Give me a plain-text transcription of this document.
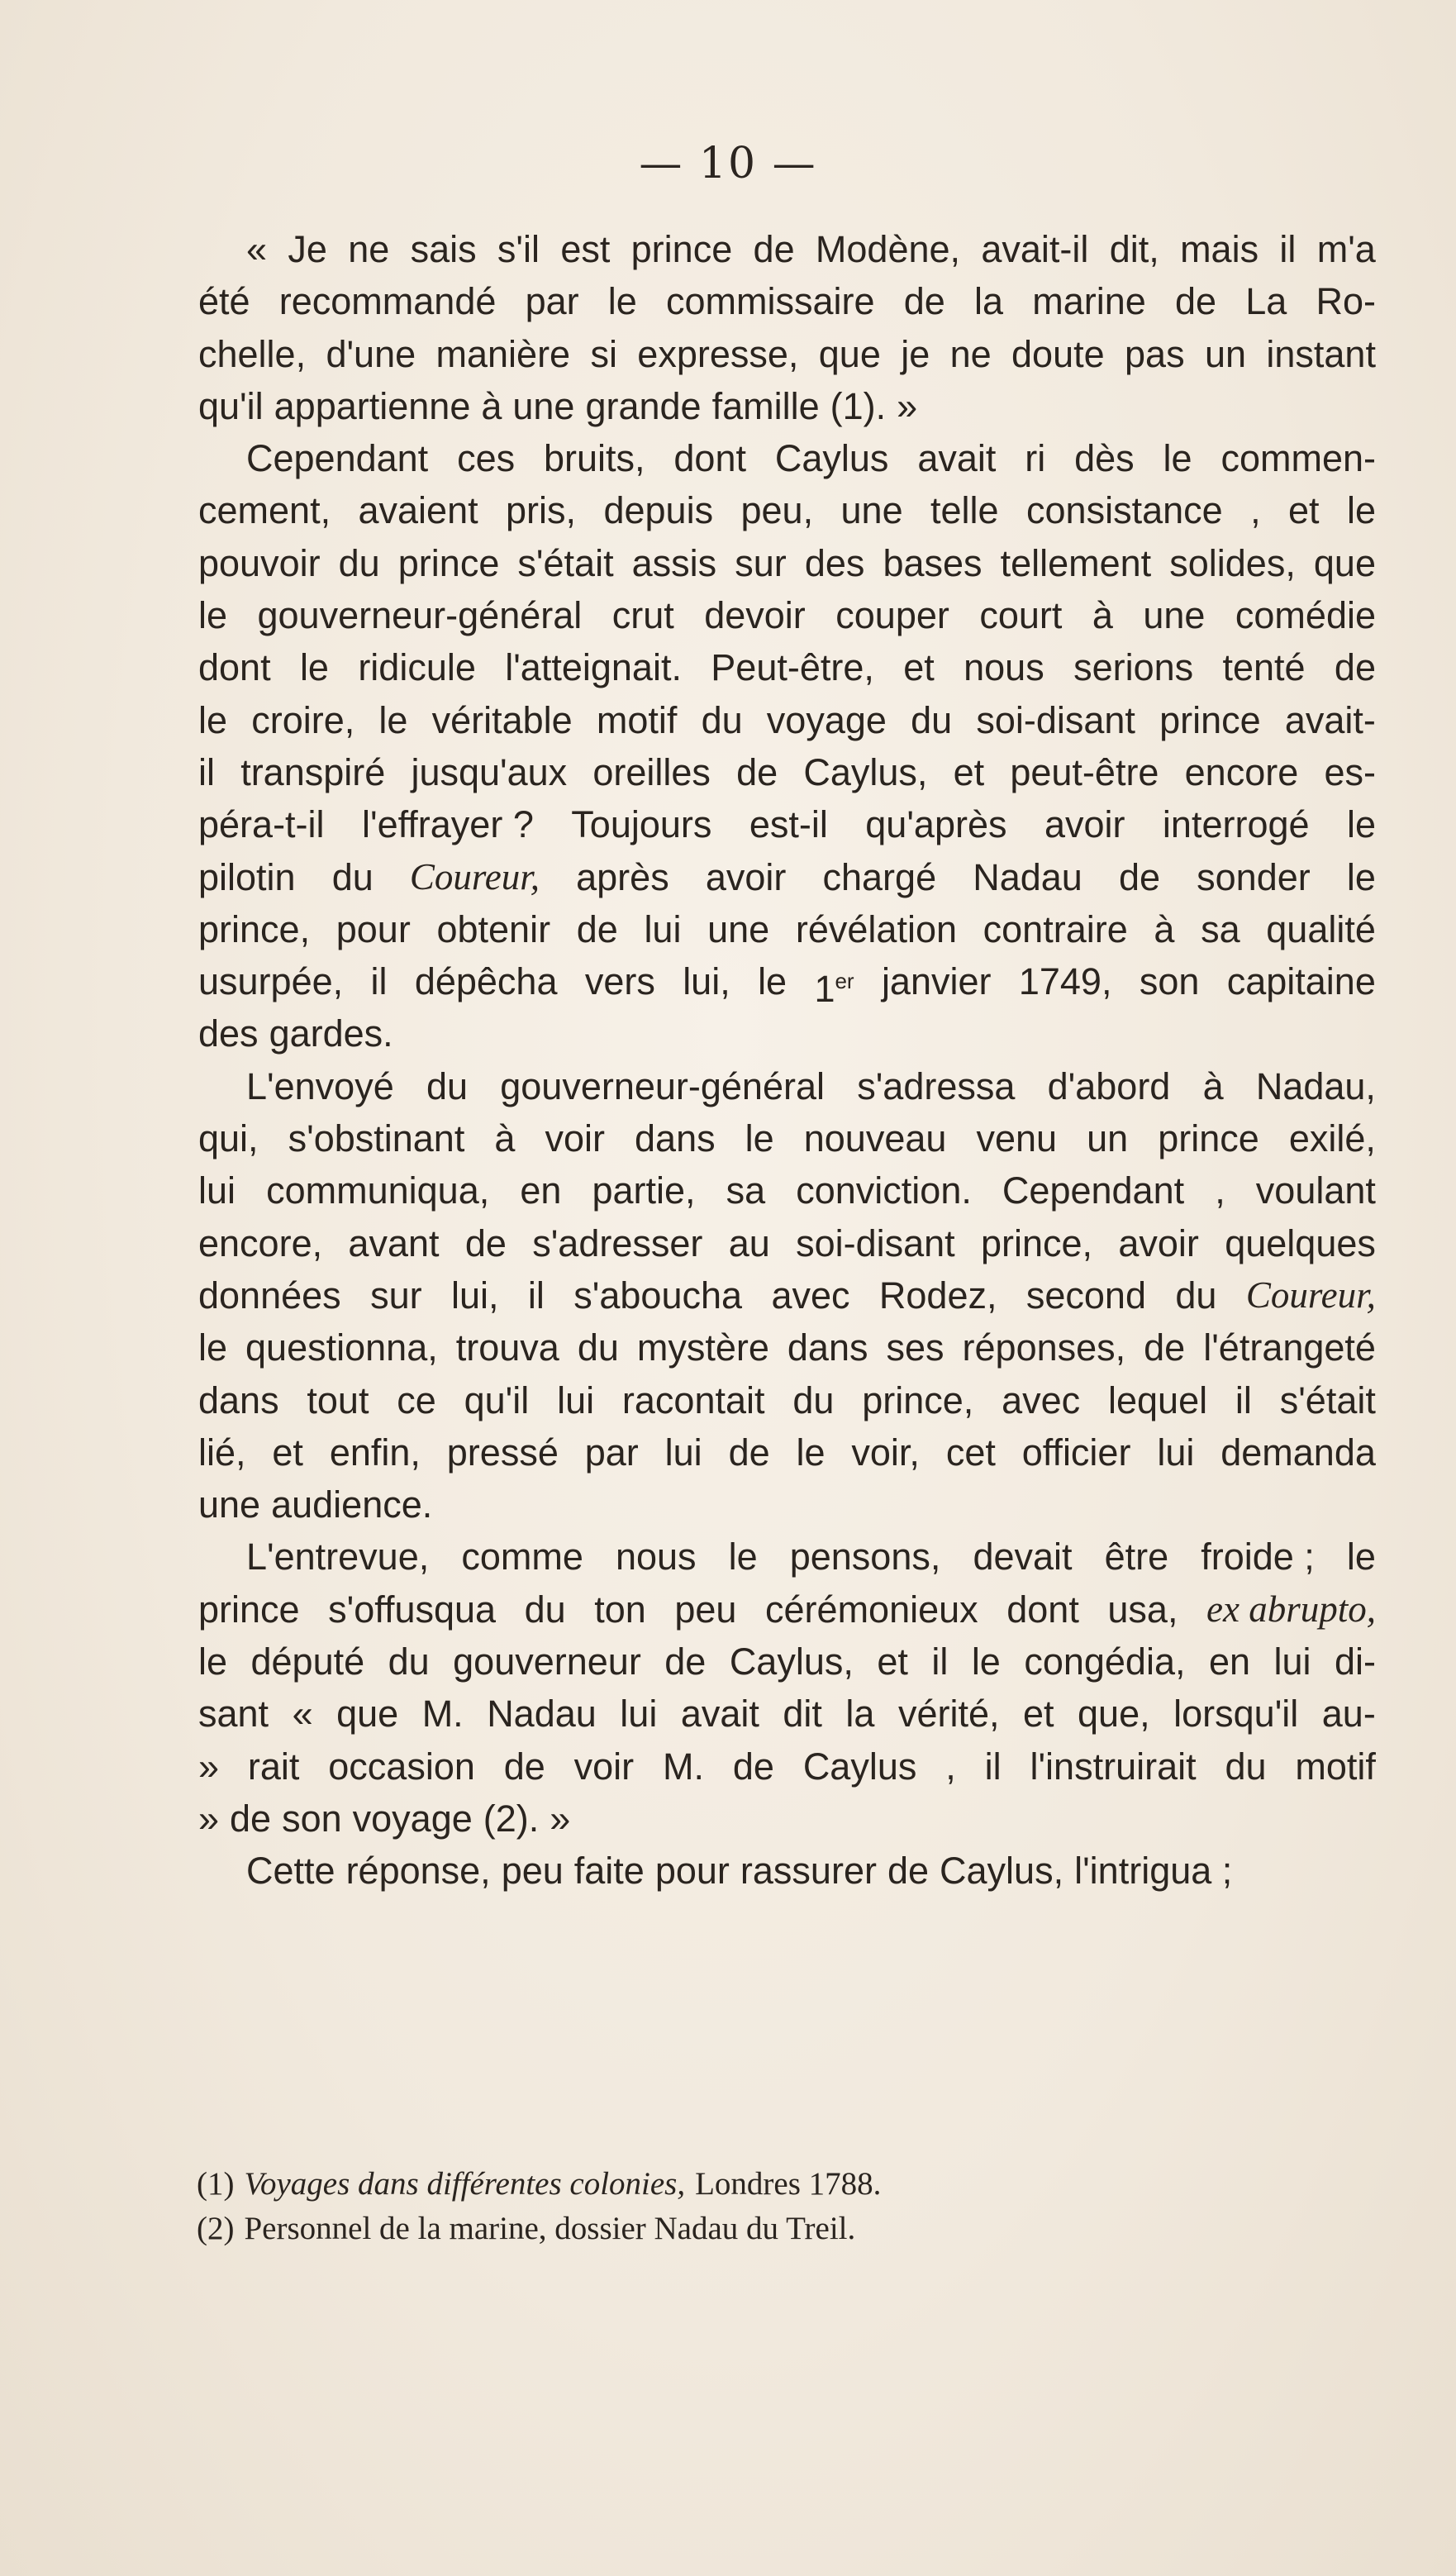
— 10 —
« Je ne sais s'il est prince de Modène, avait-il dit, mais il m'a
été recommandé par le commissaire de la marine de La Ro-
chelle, d'une manière si expresse, que je ne doute pas un instant
qu'il appartienne à une grande famille (1). »
Cependant ces bruits, dont Caylus avait ri dès le commen-
cement, avaient pris, depuis peu, une telle consistance , et le
pouvoir du prince s'était assis sur des bases tellement solides, que
le gouverneur-général crut devoir couper court à une comédie
dont le ridicule l'atteignait. Peut-être, et nous serions tenté de
le croire, le véritable motif du voyage du soi-disant prince avait-
il transpiré jusqu'aux oreilles de Caylus, et peut-être encore es-
péra-t-il l'effrayer ? Toujours est-il qu'après avoir interrogé le
pilotin du Coureur, après avoir chargé Nadau de sonder le
prince, pour obtenir de lui une révélation contraire à sa qualité
usurpée, il dépêcha vers lui, le 1er janvier 1749, son capitaine
des gardes.
L'envoyé du gouverneur-général s'adressa d'abord à Nadau,
qui, s'obstinant à voir dans le nouveau venu un prince exilé,
lui communiqua, en partie, sa conviction. Cependant , voulant
encore, avant de s'adresser au soi-disant prince, avoir quelques
données sur lui, il s'aboucha avec Rodez, second du Coureur,
le questionna, trouva du mystère dans ses réponses, de l'étrangeté
dans tout ce qu'il lui racontait du prince, avec lequel il s'était
lié, et enfin, pressé par lui de le voir, cet officier lui demanda
une audience.
L'entrevue, comme nous le pensons, devait être froide ; le
prince s'offusqua du ton peu cérémonieux dont usa, ex abrupto,
le député du gouverneur de Caylus, et il le congédia, en lui di-
sant « que M. Nadau lui avait dit la vérité, et que, lorsqu'il au-
» rait occasion de voir M. de Caylus , il l'instruirait du motif
» de son voyage (2). »
Cette réponse, peu faite pour rassurer de Caylus, l'intrigua ;
(1) Voyages dans différentes colonies, Londres 1788.
(2) Personnel de la marine, dossier Nadau du Treil.
